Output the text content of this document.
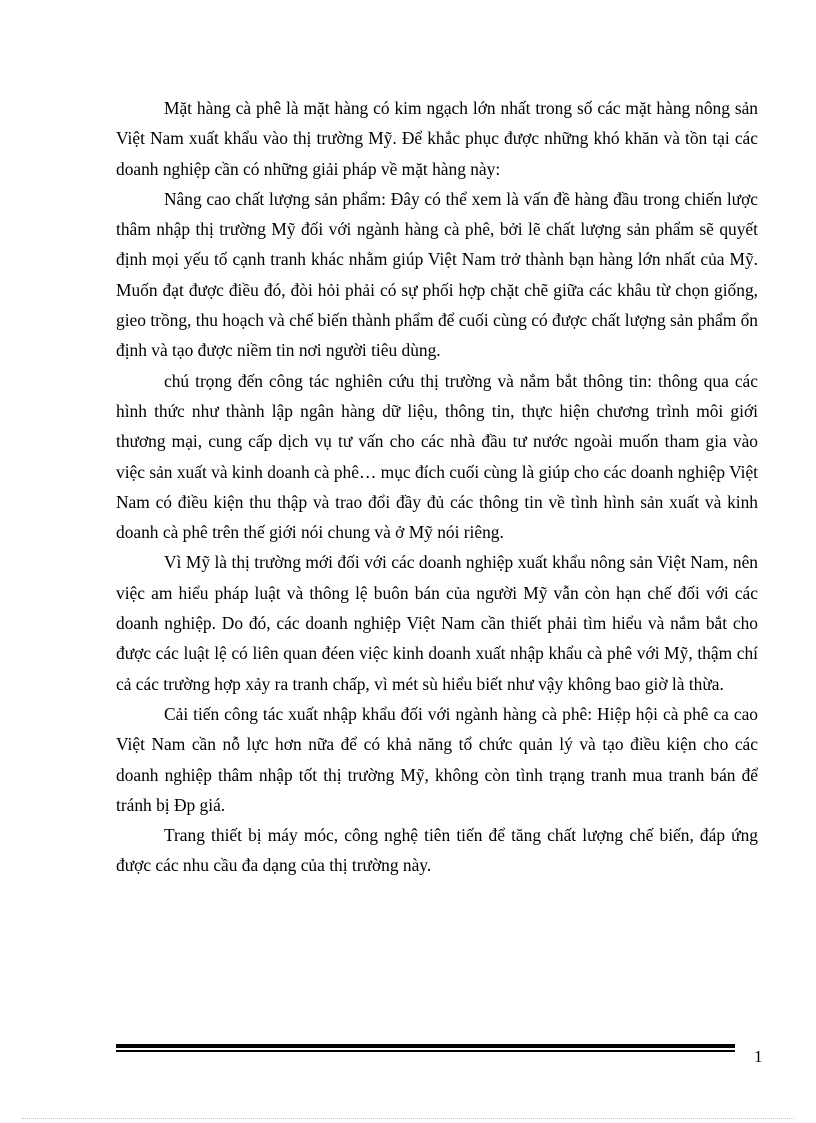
Mặt hàng cà phê là mặt hàng có kim ngạch lớn nhất trong số các mặt hàng nông sản Việt Nam xuất khẩu vào thị trường Mỹ. Để khắc phục được những khó khăn và tồn tại các doanh nghiệp cần có những giải pháp về mặt hàng này:

Nâng cao chất lượng sản phẩm: Đây có thể xem là vấn đề hàng đầu trong chiến lược thâm nhập thị trường Mỹ đối với ngành hàng cà phê, bởi lẽ chất lượng sản phẩm sẽ quyết định mọi yếu tố cạnh tranh khác nhằm giúp Việt Nam trở thành bạn hàng lớn nhất của Mỹ. Muốn đạt được điều đó, đòi hỏi phải có sự phối hợp chặt chẽ giữa các khâu từ chọn giống, gieo trồng, thu hoạch và chế biến thành phẩm để cuối cùng có được chất lượng sản phẩm ổn định và tạo được niềm tin nơi người tiêu dùng.

chú trọng đến công tác nghiên cứu thị trường và nắm bắt thông tin: thông qua các hình thức như thành lập ngân hàng dữ liệu, thông tin, thực hiện chương trình môi giới thương mại, cung cấp dịch vụ tư vấn cho các nhà đầu tư nước ngoài muốn tham gia vào việc sản xuất và kinh doanh cà phê… mục đích cuối cùng là giúp cho các doanh nghiệp Việt Nam có điều kiện thu thập và trao đổi đầy đủ các thông tin về tình hình sản xuất và kinh doanh cà phê trên thế giới nói chung và ở Mỹ nói riêng.

Vì Mỹ là thị trường mới đối với các doanh nghiệp xuất khẩu nông sản Việt Nam, nên việc am hiểu pháp luật và thông lệ buôn bán của người Mỹ vẫn còn hạn chế đối với các doanh nghiệp. Do đó, các doanh nghiệp Việt Nam cần thiết phải tìm hiểu và nắm bắt cho được các luật lệ có liên quan đéen việc kinh doanh xuất nhập khẩu cà phê với Mỹ, thậm chí cả các trường hợp xảy ra tranh chấp, vì mét sù hiểu biết như vậy không bao giờ là thừa.

Cải tiến công tác xuất nhập khẩu đối với ngành hàng cà phê: Hiệp hội cà phê ca cao Việt Nam cần nỗ lực hơn nữa để có khả năng tổ chức quản lý và tạo điều kiện cho các doanh nghiệp thâm nhập tốt thị trường Mỹ, không còn tình trạng tranh mua tranh bán để tránh bị Đp giá.

Trang thiết bị máy móc, công nghệ tiên tiến để tăng chất lượng chế biến, đáp ứng được các nhu cầu đa dạng của thị trường này.

1
